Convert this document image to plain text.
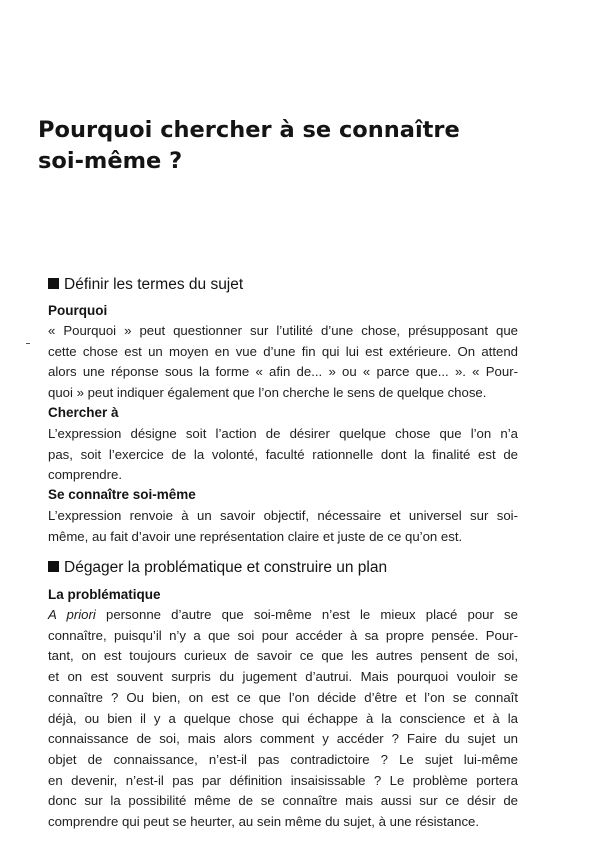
Pourquoi chercher à se connaître
soi-même ?
Définir les termes du sujet
Pourquoi

« Pourquoi » peut questionner sur l’utilité d’une chose, présupposant que
cette chose est un moyen en vue d’une fin qui lui est extérieure. On attend
alors une réponse sous la forme « afin de... » ou « parce que... ». « Pour-
quoi » peut indiquer également que l’on cherche le sens de quelque chose.

Chercher à

L’expression désigne soit l’action de désirer quelque chose que l’on n’a
pas, soit l’exercice de la volonté, faculté rationnelle dont la finalité est de
comprendre.

Se connaître soi-même

L’expression renvoie à un savoir objectif, nécessaire et universel sur soi-
même, au fait d’avoir une représentation claire et juste de ce qu’on est.

Dégager la problématique et construire un plan
La problématique

A priori personne d’autre que soi-même n’est le mieux placé pour se
connaître, puisqu’il n’y a que soi pour accéder à sa propre pensée. Pour-
tant, on est toujours curieux de savoir ce que les autres pensent de soi,
et on est souvent surpris du jugement d’autrui. Mais pourquoi vouloir se
connaître ? Ou bien, on est ce que l’on décide d’être et l’on se connaît
déjà, ou bien il y a quelque chose qui échappe à la conscience et à la
connaissance de soi, mais alors comment y accéder ? Faire du sujet un
objet de connaissance, n’est-il pas contradictoire ? Le sujet lui-même
en devenir, n’est-il pas par définition insaisissable ? Le problème portera
donc sur la possibilité même de se connaître mais aussi sur ce désir de
comprendre qui peut se heurter, au sein même du sujet, à une résistance.
